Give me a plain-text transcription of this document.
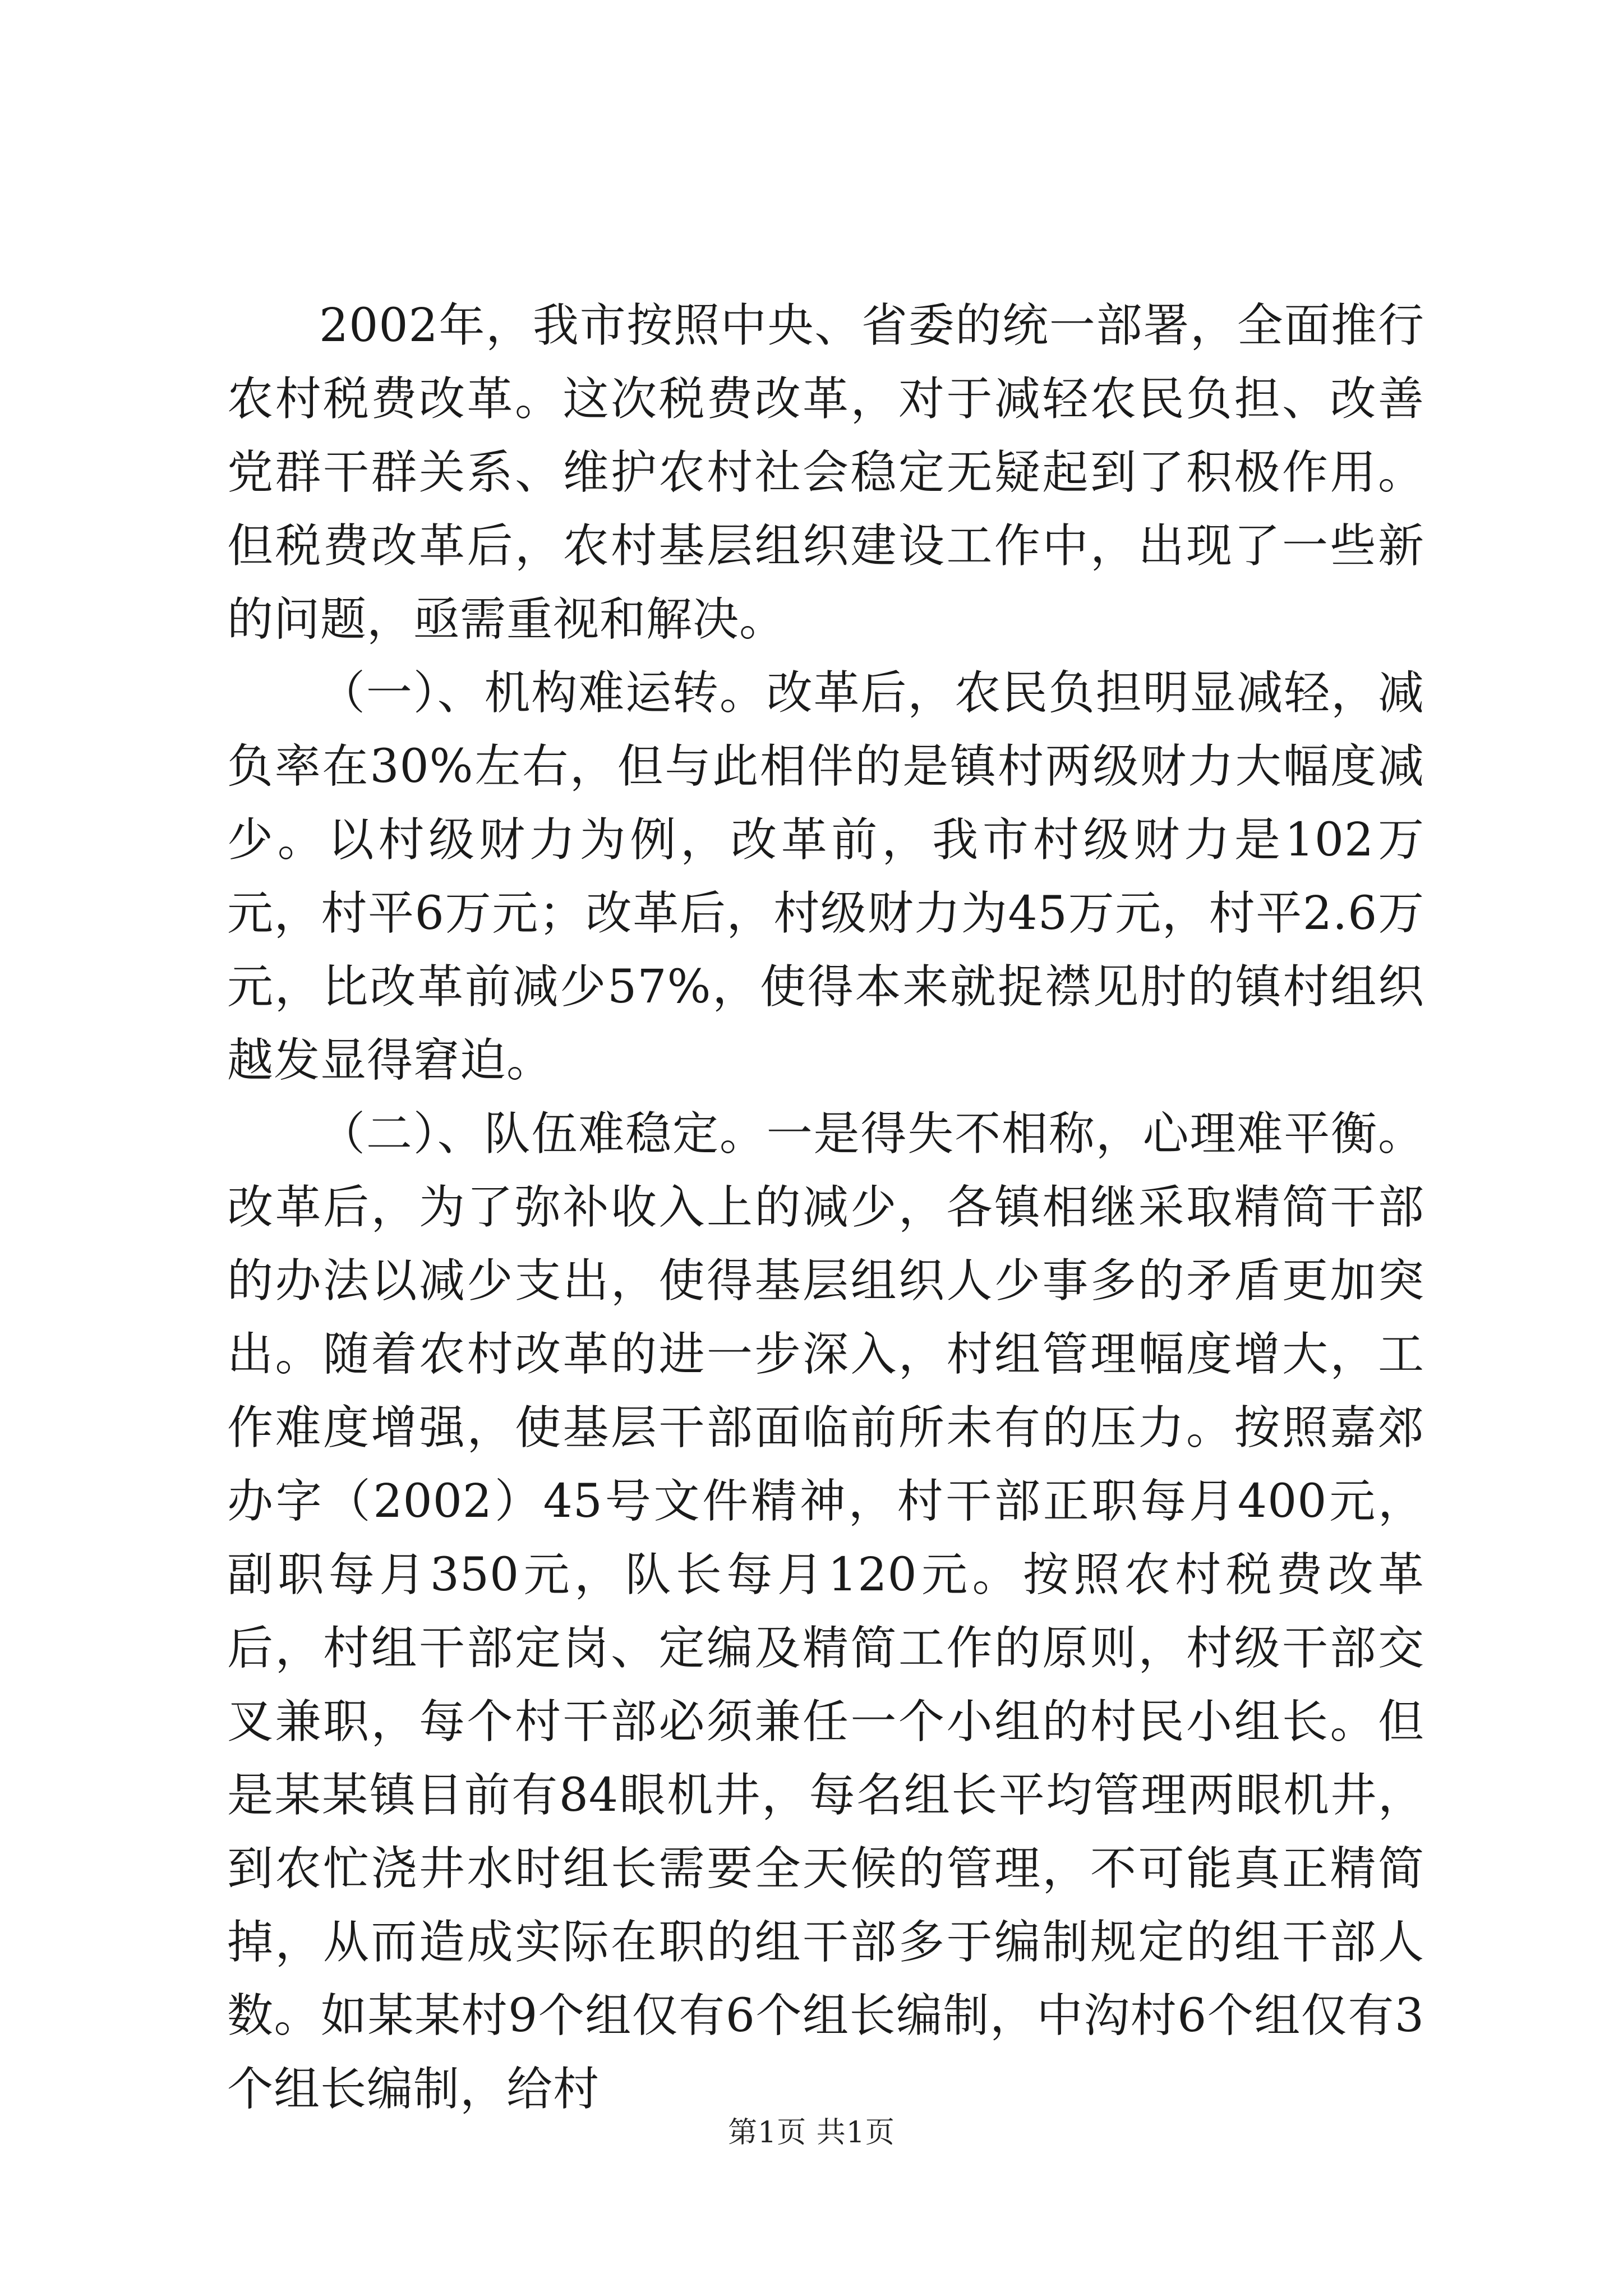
2002年，我市按照中央、省委的统一部署，全面推行农村税费改革。这次税费改革，对于减轻农民负担、改善党群干群关系、维护农村社会稳定无疑起到了积极作用。但税费改革后，农村基层组织建设工作中，出现了一些新的问题，亟需重视和解决。

（一）、机构难运转。改革后，农民负担明显减轻，减负率在30%左右，但与此相伴的是镇村两级财力大幅度减少。以村级财力为例，改革前，我市村级财力是102万元，村平6万元；改革后，村级财力为45万元，村平2.6万元，比改革前减少57%，使得本来就捉襟见肘的镇村组织越发显得窘迫。

（二）、队伍难稳定。一是得失不相称，心理难平衡。改革后，为了弥补收入上的减少，各镇相继采取精简干部的办法以减少支出，使得基层组织人少事多的矛盾更加突出。随着农村改革的进一步深入，村组管理幅度增大，工作难度增强，使基层干部面临前所未有的压力。按照嘉郊办字（2002）45号文件精神，村干部正职每月400元，副职每月350元，队长每月120元。按照农村税费改革后，村组干部定岗、定编及精简工作的原则，村级干部交叉兼职，每个村干部必须兼任一个小组的村民小组长。但是某某镇目前有84眼机井，每名组长平均管理两眼机井，到农忙浇井水时组长需要全天候的管理，不可能真正精简掉，从而造成实际在职的组干部多于编制规定的组干部人数。如某某村9个组仅有6个组长编制，中沟村6个组仅有3个组长编制，给村

第1页 共1页
